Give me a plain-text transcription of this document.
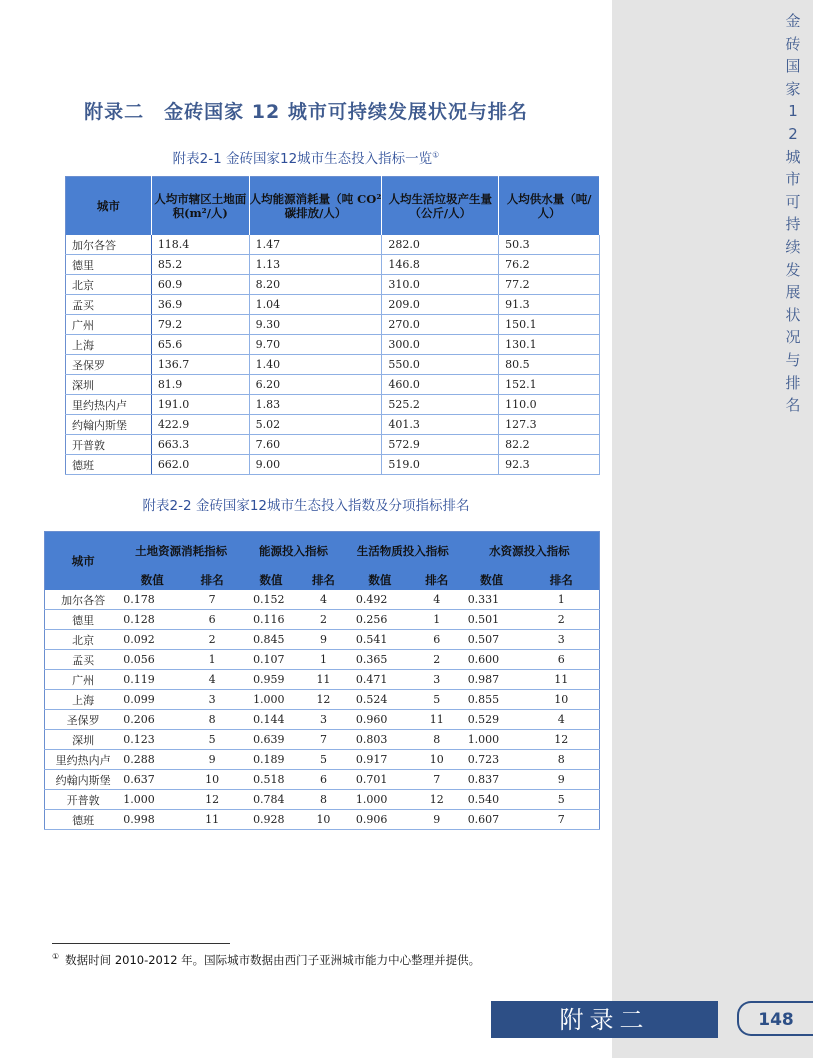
金
砖
国
家
1
2
城
市
可
持
续
发
展
状
况
与
排
名
附录二　金砖国家 12 城市可持续发展状况与排名
附表2-1 金砖国家12城市生态投入指标一览①
城市	人均市辖区土地面积(m²/人)	人均能源消耗量（吨 CO² 碳排放/人）	人均生活垃圾产生量（公斤/人）	人均供水量（吨/人）
加尔各答	118.4	1.47	282.0	50.3
德里	85.2	1.13	146.8	76.2
北京	60.9	8.20	310.0	77.2
孟买	36.9	1.04	209.0	91.3
广州	79.2	9.30	270.0	150.1
上海	65.6	9.70	300.0	130.1
圣保罗	136.7	1.40	550.0	80.5
深圳	81.9	6.20	460.0	152.1
里约热内卢	191.0	1.83	525.2	110.0
约翰内斯堡	422.9	5.02	401.3	127.3
开普敦	663.3	7.60	572.9	82.2
德班	662.0	9.00	519.0	92.3
附表2-2 金砖国家12城市生态投入指数及分项指标排名
城市	土地资源消耗指标		能源投入指标		生活物质投入指标		水资源投入指标	
	数值	排名	数值	排名	数值	排名	数值	排名
加尔各答	0.178	7	0.152	4	0.492	4	0.331	1
德里	0.128	6	0.116	2	0.256	1	0.501	2
北京	0.092	2	0.845	9	0.541	6	0.507	3
孟买	0.056	1	0.107	1	0.365	2	0.600	6
广州	0.119	4	0.959	11	0.471	3	0.987	11
上海	0.099	3	1.000	12	0.524	5	0.855	10
圣保罗	0.206	8	0.144	3	0.960	11	0.529	4
深圳	0.123	5	0.639	7	0.803	8	1.000	12
里约热内卢	0.288	9	0.189	5	0.917	10	0.723	8
约翰内斯堡	0.637	10	0.518	6	0.701	7	0.837	9
开普敦	1.000	12	0.784	8	1.000	12	0.540	5
德班	0.998	11	0.928	10	0.906	9	0.607	7
① 数据时间 2010-2012 年。国际城市数据由西门子亚洲城市能力中心整理并提供。
附录二	148
